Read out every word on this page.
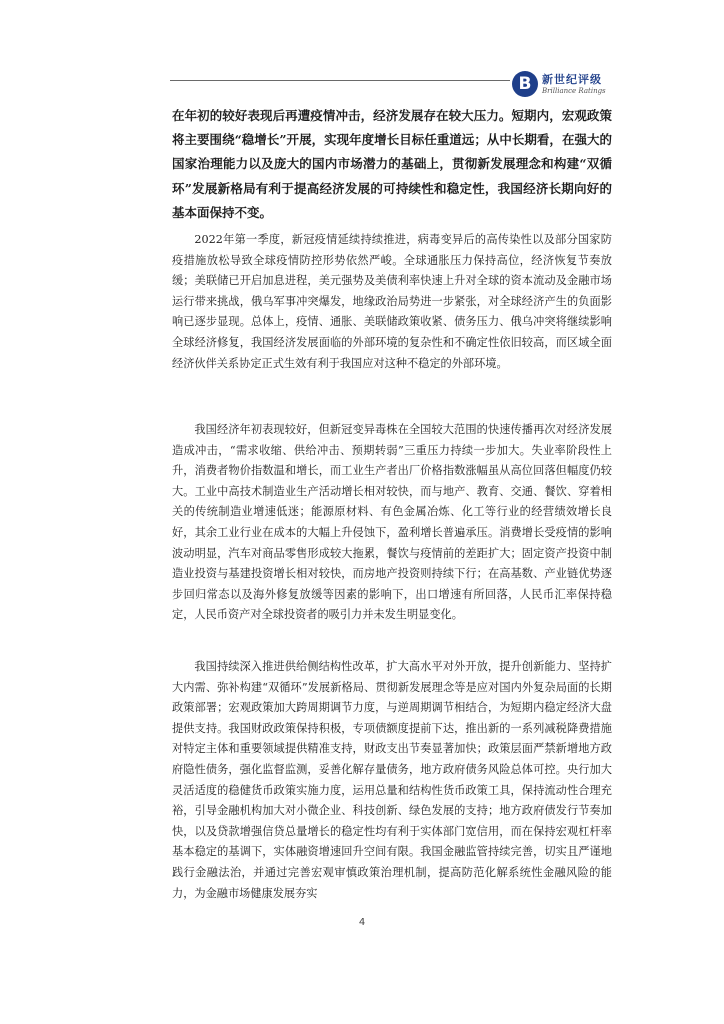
B 新世纪评级
Brilliance Ratings

在年初的较好表现后再遭疫情冲击，经济发展存在较大压力。短期内，宏观政策将主要围绕“稳增长”开展，实现年度增长目标任重道远；从中长期看，在强大的国家治理能力以及庞大的国内市场潜力的基础上，贯彻新发展理念和构建“双循环”发展新格局有利于提高经济发展的可持续性和稳定性，我国经济长期向好的基本面保持不变。

2022年第一季度，新冠疫情延续持续推进，病毒变异后的高传染性以及部分国家防疫措施放松导致全球疫情防控形势依然严峻。全球通胀压力保持高位，经济恢复节奏放缓；美联储已开启加息进程，美元强势及美债利率快速上升对全球的资本流动及金融市场运行带来挑战，俄乌军事冲突爆发，地缘政治局势进一步紧张，对全球经济产生的负面影响已逐步显现。总体上，疫情、通胀、美联储政策收紧、债务压力、俄乌冲突将继续影响全球经济修复，我国经济发展面临的外部环境的复杂性和不确定性依旧较高，而区域全面经济伙伴关系协定正式生效有利于我国应对这种不稳定的外部环境。

我国经济年初表现较好，但新冠变异毒株在全国较大范围的快速传播再次对经济发展造成冲击，“需求收缩、供给冲击、预期转弱”三重压力持续一步加大。失业率阶段性上升，消费者物价指数温和增长，而工业生产者出厂价格指数涨幅虽从高位回落但幅度仍较大。工业中高技术制造业生产活动增长相对较快，而与地产、教育、交通、餐饮、穿着相关的传统制造业增速低迷；能源原材料、有色金属冶炼、化工等行业的经营绩效增长良好，其余工业行业在成本的大幅上升侵蚀下，盈利增长普遍承压。消费增长受疫情的影响波动明显，汽车对商品零售形成较大拖累，餐饮与疫情前的差距扩大；固定资产投资中制造业投资与基建投资增长相对较快，而房地产投资则持续下行；在高基数、产业链优势逐步回归常态以及海外修复放缓等因素的影响下，出口增速有所回落，人民币汇率保持稳定，人民币资产对全球投资者的吸引力并未发生明显变化。

我国持续深入推进供给侧结构性改革，扩大高水平对外开放，提升创新能力、坚持扩大内需、弥补构建“双循环”发展新格局、贯彻新发展理念等是应对国内外复杂局面的长期政策部署；宏观政策加大跨周期调节力度，与逆周期调节相结合，为短期内稳定经济大盘提供支持。我国财政政策保持积极，专项债额度提前下达，推出新的一系列减税降费措施对特定主体和重要领域提供精准支持，财政支出节奏显著加快；政策层面严禁新增地方政府隐性债务，强化监督监测，妥善化解存量债务，地方政府债务风险总体可控。央行加大灵活适度的稳健货币政策实施力度，运用总量和结构性货币政策工具，保持流动性合理充裕，引导金融机构加大对小微企业、科技创新、绿色发展的支持；地方政府债发行节奏加快，以及贷款增强信贷总量增长的稳定性均有利于实体部门宽信用，而在保持宏观杠杆率基本稳定的基调下，实体融资增速回升空间有限。我国金融监管持续完善，切实且严谨地践行金融法治，并通过完善宏观审慎政策治理机制，提高防范化解系统性金融风险的能力，为金融市场健康发展夯实

4
